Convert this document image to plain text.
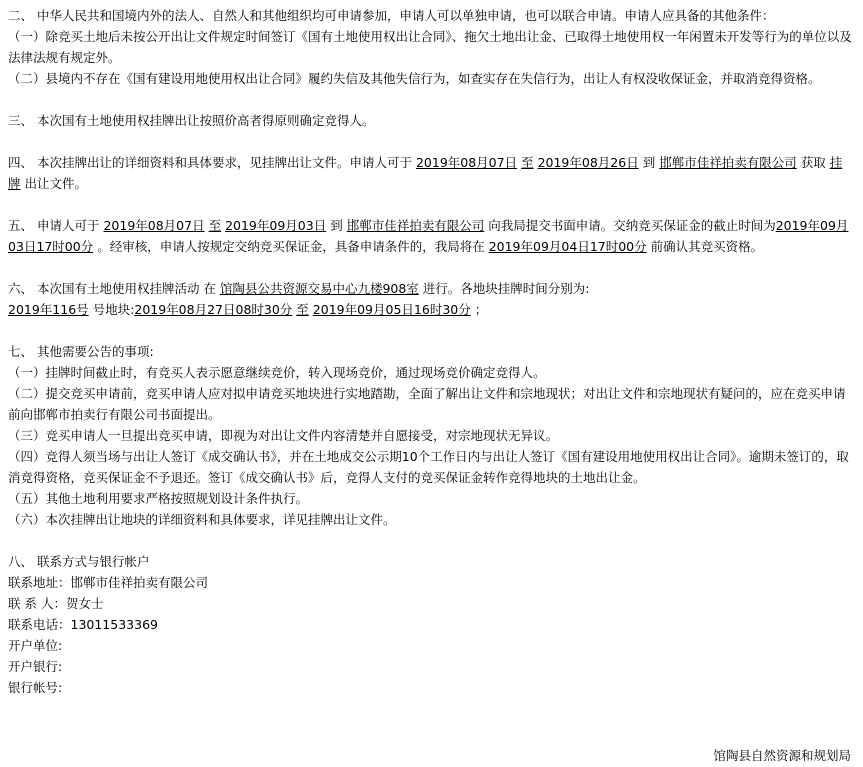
二、 中华人民共和国境内外的法人、自然人和其他组织均可申请参加，申请人可以单独申请，也可以联合申请。申请人应具备的其他条件：

（一）除竞买土地后未按公开出让文件规定时间签订《国有土地使用权出让合同》、拖欠土地出让金、已取得土地使用权一年闲置未开发等行为的单位以及法律法规有规定外。

（二）县境内不存在《国有建设用地使用权出让合同》履约失信及其他失信行为，如查实存在失信行为，出让人有权没收保证金，并取消竞得资格。

三、 本次国有土地使用权挂牌出让按照价高者得原则确定竞得人。

四、 本次挂牌出让的详细资料和具体要求，见挂牌出让文件。申请人可于 2019年08月07日 至 2019年08月26日 到 邯郸市佳祥拍卖有限公司 获取 挂牌 出让文件。

五、 申请人可于 2019年08月07日 至 2019年09月03日 到 邯郸市佳祥拍卖有限公司 向我局提交书面申请。交纳竞买保证金的截止时间为2019年09月03日17时00分 。经审核，申请人按规定交纳竞买保证金，具备申请条件的，我局将在 2019年09月04日17时00分 前确认其竞买资格。

六、 本次国有土地使用权挂牌活动 在 馆陶县公共资源交易中心九楼908室 进行。各地块挂牌时间分别为:

2019年116号 号地块:2019年08月27日08时30分 至 2019年09月05日16时30分 ；

七、 其他需要公告的事项:

（一）挂牌时间截止时，有竞买人表示愿意继续竞价，转入现场竞价，通过现场竞价确定竞得人。

（二）提交竞买申请前，竞买申请人应对拟申请竞买地块进行实地踏勘，全面了解出让文件和宗地现状；对出让文件和宗地现状有疑问的，应在竞买申请前向邯郸市拍卖行有限公司书面提出。

（三）竞买申请人一旦提出竞买申请，即视为对出让文件内容清楚并自愿接受，对宗地现状无异议。

（四）竞得人须当场与出让人签订《成交确认书》，并在土地成交公示期10个工作日内与出让人签订《国有建设用地使用权出让合同》。逾期未签订的，取消竞得资格，竞买保证金不予退还。签订《成交确认书》后，竞得人支付的竞买保证金转作竞得地块的土地出让金。

（五）其他土地利用要求严格按照规划设计条件执行。

（六）本次挂牌出让地块的详细资料和具体要求，详见挂牌出让文件。

八、 联系方式与银行帐户

联系地址：邯郸市佳祥拍卖有限公司

联 系 人：贺女士

联系电话：13011533369

开户单位:

开户银行:

银行帐号:

馆陶县自然资源和规划局
